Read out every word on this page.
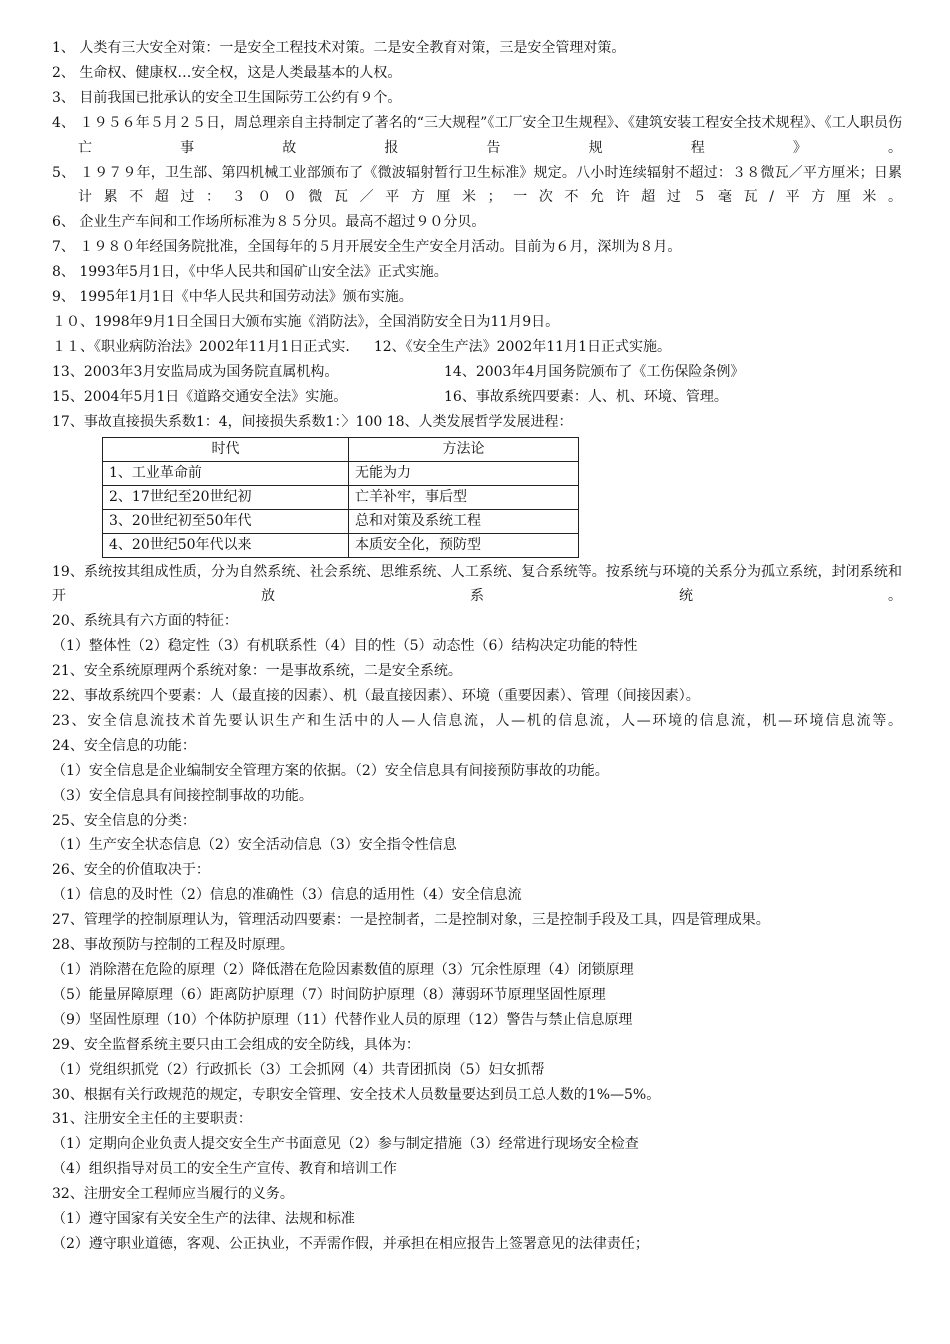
1、 人类有三大安全对策：一是安全工程技术对策。二是安全教育对策，三是安全管理对策。
2、 生命权、健康权…安全权，这是人类最基本的人权。
3、 目前我国已批承认的安全卫生国际劳工公约有９个。
4、 １９５６年５月２５日，周总理亲自主持制定了著名的“三大规程”《工厂安全卫生规程》、《建筑安装工程安全技术规程》、《工人职员伤亡事故报告规程》。
5、 １９７９年，卫生部、第四机械工业部颁布了《微波辐射暂行卫生标准》规定。八小时连续辐射不超过：３８微瓦／平方厘米；日累计累不超过：３００微瓦／平方厘米；一次不允许超过５毫瓦/平方厘米。
6、 企业生产车间和工作场所标准为８５分贝。最高不超过９０分贝。
7、 １９８０年经国务院批准，全国每年的５月开展安全生产安全月活动。目前为６月，深圳为８月。
8、 1993年5月1日，《中华人民共和国矿山安全法》正式实施。
9、 1995年1月1日《中华人民共和国劳动法》颁布实施。
１０、1998年9月1日全国日大颁布实施《消防法》，全国消防安全日为11月9日。
１１、《职业病防治法》2002年11月1日正式实. 12、《安全生产法》2002年11月1日正式实施。
13、2003年3月安监局成为国务院直属机构。	14、2003年4月国务院颁布了《工伤保险条例》
15、2004年5月1日《道路交通安全法》实施。	16、事故系统四要素：人、机、环境、管理。
17、事故直接损失系数1：4，间接损失系数1：〉100 18、人类发展哲学发展进程：
时代	方法论
1、工业革命前	无能为力
2、17世纪至20世纪初	亡羊补牢，事后型
3、20世纪初至50年代	总和对策及系统工程
4、20世纪50年代以来	本质安全化，预防型
19、系统按其组成性质，分为自然系统、社会系统、思维系统、人工系统、复合系统等。按系统与环境的关系分为孤立系统，封闭系统和开放系统。
20、系统具有六方面的特征：
（1）整体性（2）稳定性（3）有机联系性（4）目的性（5）动态性（6）结构决定功能的特性
21、安全系统原理两个系统对象：一是事故系统，二是安全系统。
22、事故系统四个要素：人（最直接的因素）、机（最直接因素）、环境（重要因素）、管理（间接因素）。
23、安全信息流技术首先要认识生产和生活中的人—人信息流，人—机的信息流，人—环境的信息流，机—环境信息流等。
24、安全信息的功能：
（1）安全信息是企业编制安全管理方案的依据。（2）安全信息具有间接预防事故的功能。
（3）安全信息具有间接控制事故的功能。
25、安全信息的分类：
（1）生产安全状态信息（2）安全活动信息（3）安全指令性信息
26、安全的价值取决于：
（1）信息的及时性（2）信息的准确性（3）信息的适用性（4）安全信息流
27、管理学的控制原理认为，管理活动四要素：一是控制者，二是控制对象，三是控制手段及工具，四是管理成果。
28、事故预防与控制的工程及时原理。
（1）消除潜在危险的原理（2）降低潜在危险因素数值的原理（3）冗余性原理（4）闭锁原理
（5）能量屏障原理（6）距离防护原理（7）时间防护原理（8）薄弱环节原理坚固性原理
（9）坚固性原理（10）个体防护原理（11）代替作业人员的原理（12）警告与禁止信息原理
29、安全监督系统主要只由工会组成的安全防线，具体为：
（1）党组织抓党（2）行政抓长（3）工会抓网（4）共青团抓岗（5）妇女抓帮
30、根据有关行政规范的规定，专职安全管理、安全技术人员数量要达到员工总人数的1%—5%。
31、注册安全主任的主要职责：
（1）定期向企业负责人提交安全生产书面意见（2）参与制定措施（3）经常进行现场安全检查
（4）组织指导对员工的安全生产宣传、教育和培训工作
32、注册安全工程师应当履行的义务。
（1）遵守国家有关安全生产的法律、法规和标准
（2）遵守职业道德，客观、公正执业，不弄需作假，并承担在相应报告上签署意见的法律责任；
